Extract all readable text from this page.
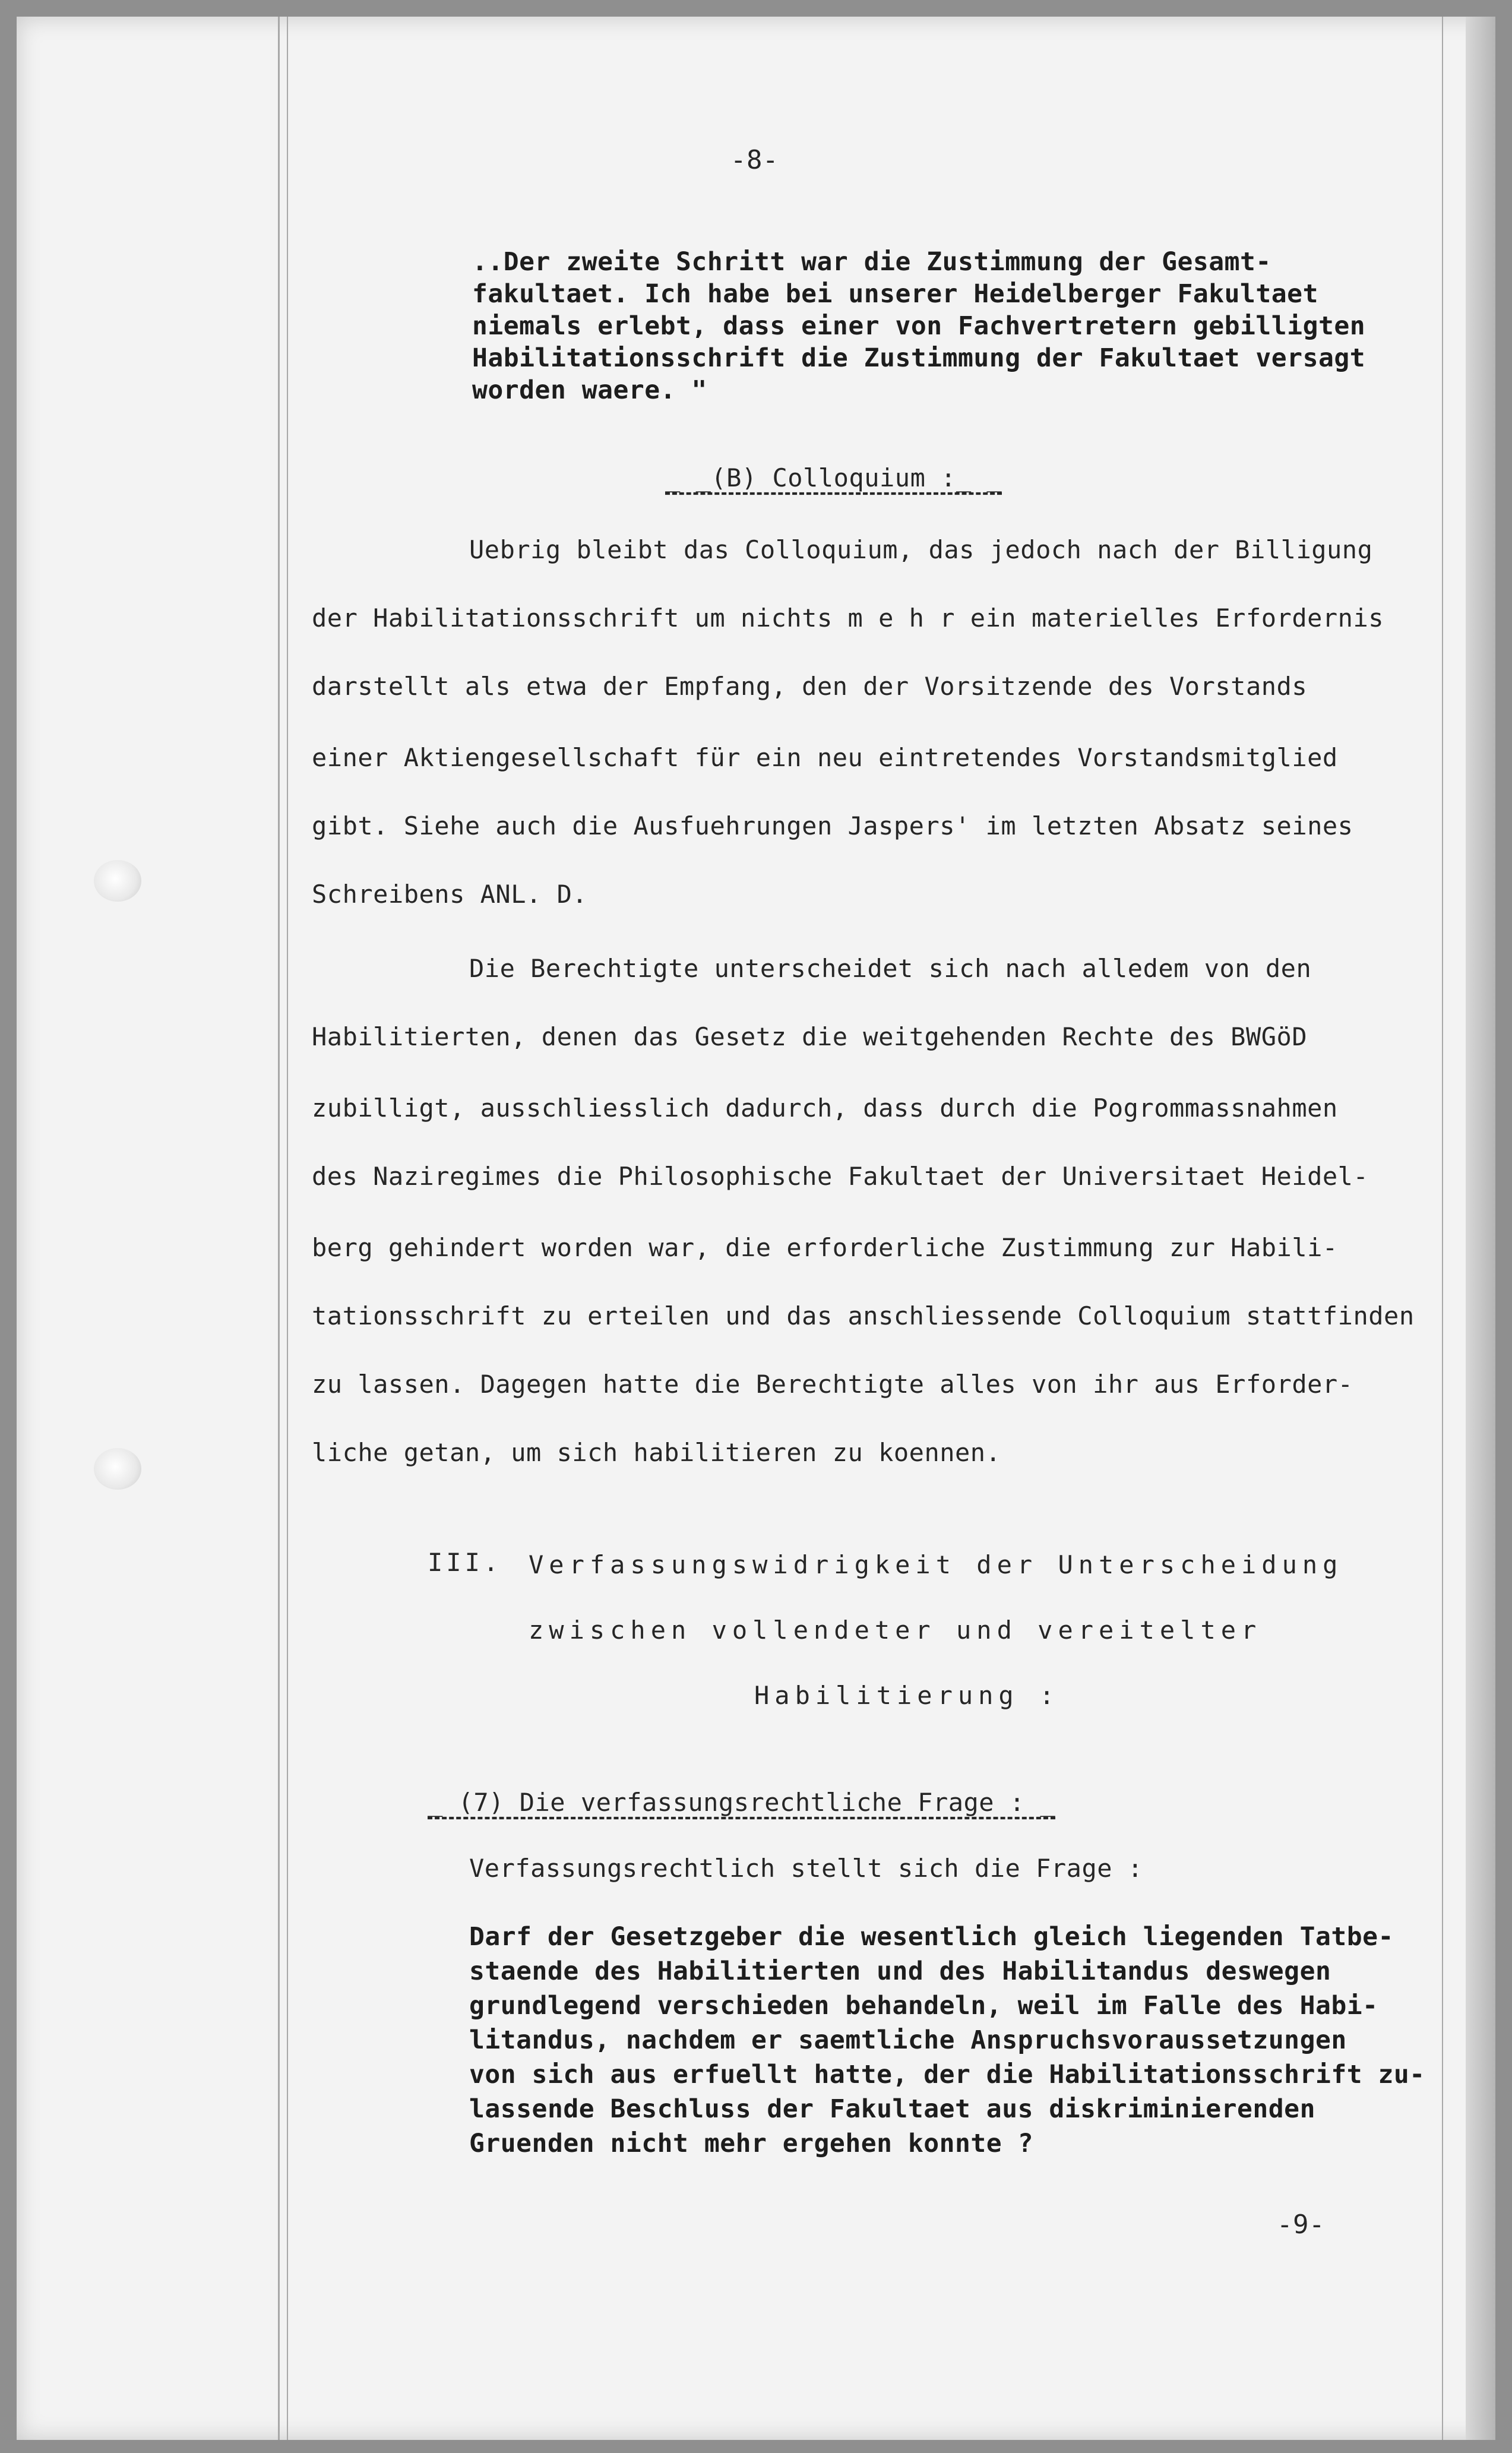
-8-

..Der zweite Schritt war die Zustimmung der Gesamt-

fakultaet. Ich habe bei unserer Heidelberger Fakultaet

niemals erlebt, dass einer von Fachvertretern gebilligten

Habilitationsschrift die Zustimmung der Fakultaet versagt

worden waere. "

_ _(B) Colloquium :_ _

Uebrig bleibt das Colloquium, das jedoch nach der Billigung

der Habilitationsschrift um nichts m e h r ein materielles Erfordernis

darstellt als etwa der Empfang, den der Vorsitzende des Vorstands

einer Aktiengesellschaft für ein neu eintretendes Vorstandsmitglied

gibt. Siehe auch die Ausfuehrungen Jaspers' im letzten Absatz seines

Schreibens ANL. D.

Die Berechtigte unterscheidet sich nach alledem von den

Habilitierten, denen das Gesetz die weitgehenden Rechte des BWGöD

zubilligt, ausschliesslich dadurch, dass durch die Pogrommassnahmen

des Naziregimes die Philosophische Fakultaet der Universitaet Heidel-

berg gehindert worden war, die erforderliche Zustimmung zur Habili-

tationsschrift zu erteilen und das anschliessende Colloquium stattfinden

zu lassen. Dagegen hatte die Berechtigte alles von ihr aus Erforder-

liche getan, um sich habilitieren zu koennen.

III. Verfassungswidrigkeit der Unterscheidung

zwischen vollendeter und vereitelter

Habilitierung :

_ (7) Die verfassungsrechtliche Frage : _

Verfassungsrechtlich stellt sich die Frage :

Darf der Gesetzgeber die wesentlich gleich liegenden Tatbe-

staende des Habilitierten und des Habilitandus deswegen

grundlegend verschieden behandeln, weil im Falle des Habi-

litandus, nachdem er saemtliche Anspruchsvoraussetzungen

von sich aus erfuellt hatte, der die Habilitationsschrift zu-

lassende Beschluss der Fakultaet aus diskriminierenden

Gruenden nicht mehr ergehen konnte ?

-9-
